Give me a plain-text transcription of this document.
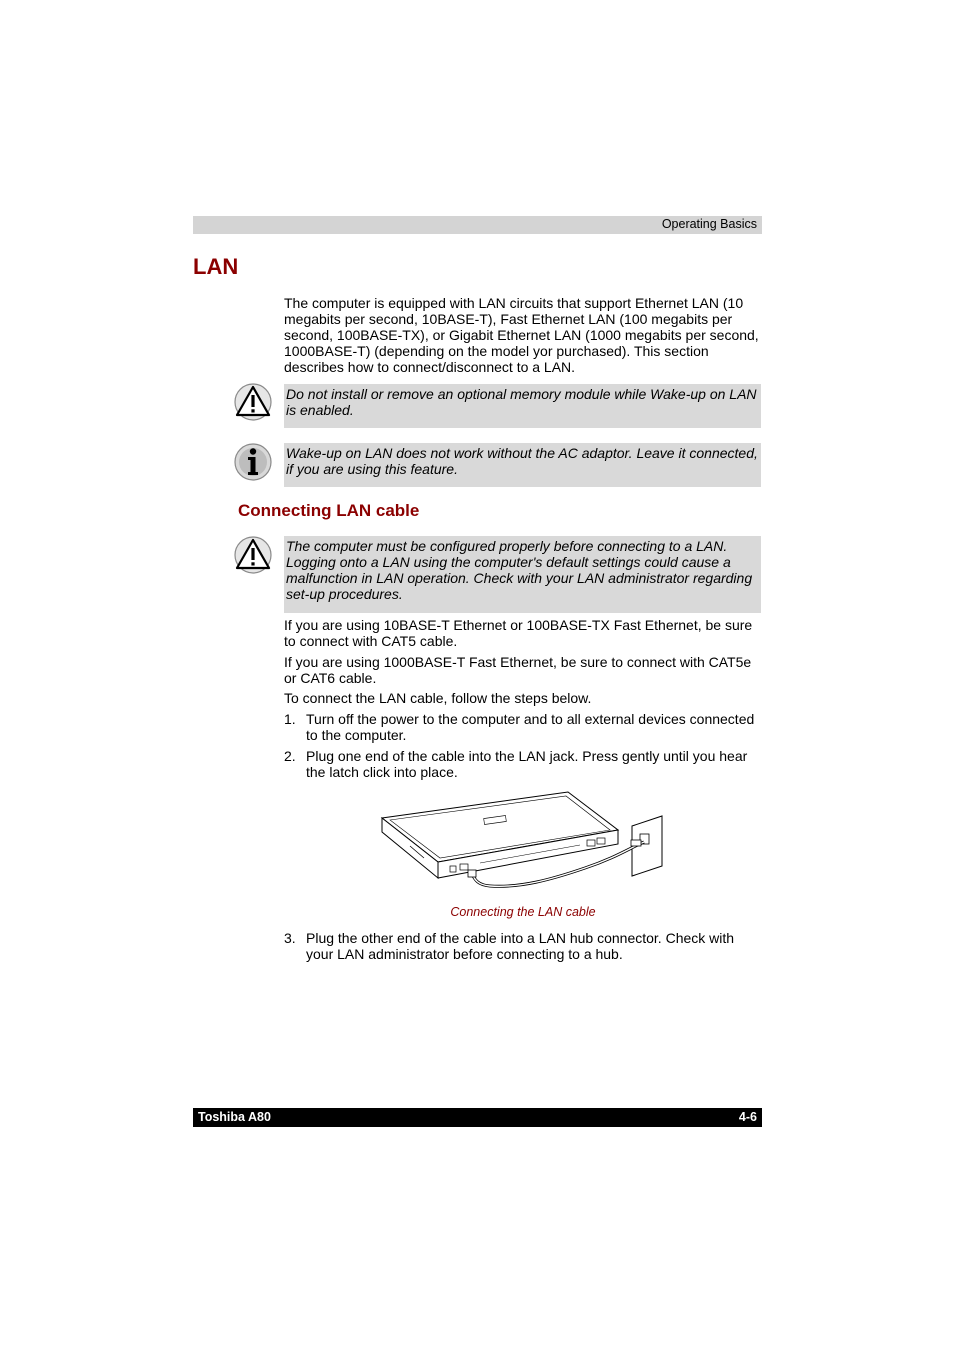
Operating Basics
LAN

The computer is equipped with LAN circuits that support Ethernet LAN (10 megabits per second, 10BASE-T), Fast Ethernet LAN (100 megabits per second, 100BASE-TX), or Gigabit Ethernet LAN (1000 megabits per second, 1000BASE-T) (depending on the model yor purchased). This section describes how to connect/disconnect to a LAN.

Do not install or remove an optional memory module while Wake-up on LAN is enabled.
Wake-up on LAN does not work without the AC adaptor. Leave it connected, if you are using this feature.
Connecting LAN cable
The computer must be configured properly before connecting to a LAN. Logging onto a LAN using the computer's default settings could cause a malfunction in LAN operation. Check with your LAN administrator regarding set-up procedures.

If you are using 10BASE-T Ethernet or 100BASE-TX Fast Ethernet, be sure to connect with CAT5 cable.

If you are using 1000BASE-T Fast Ethernet, be sure to connect with CAT5e or CAT6 cable.

To connect the LAN cable, follow the steps below.

1. Turn off the power to the computer and to all external devices connected to the computer.
2. Plug one end of the cable into the LAN jack. Press gently until you hear the latch click into place.
Connecting the LAN cable
3. Plug the other end of the cable into a LAN hub connector. Check with your LAN administrator before connecting to a hub.
Toshiba A80	4-6
